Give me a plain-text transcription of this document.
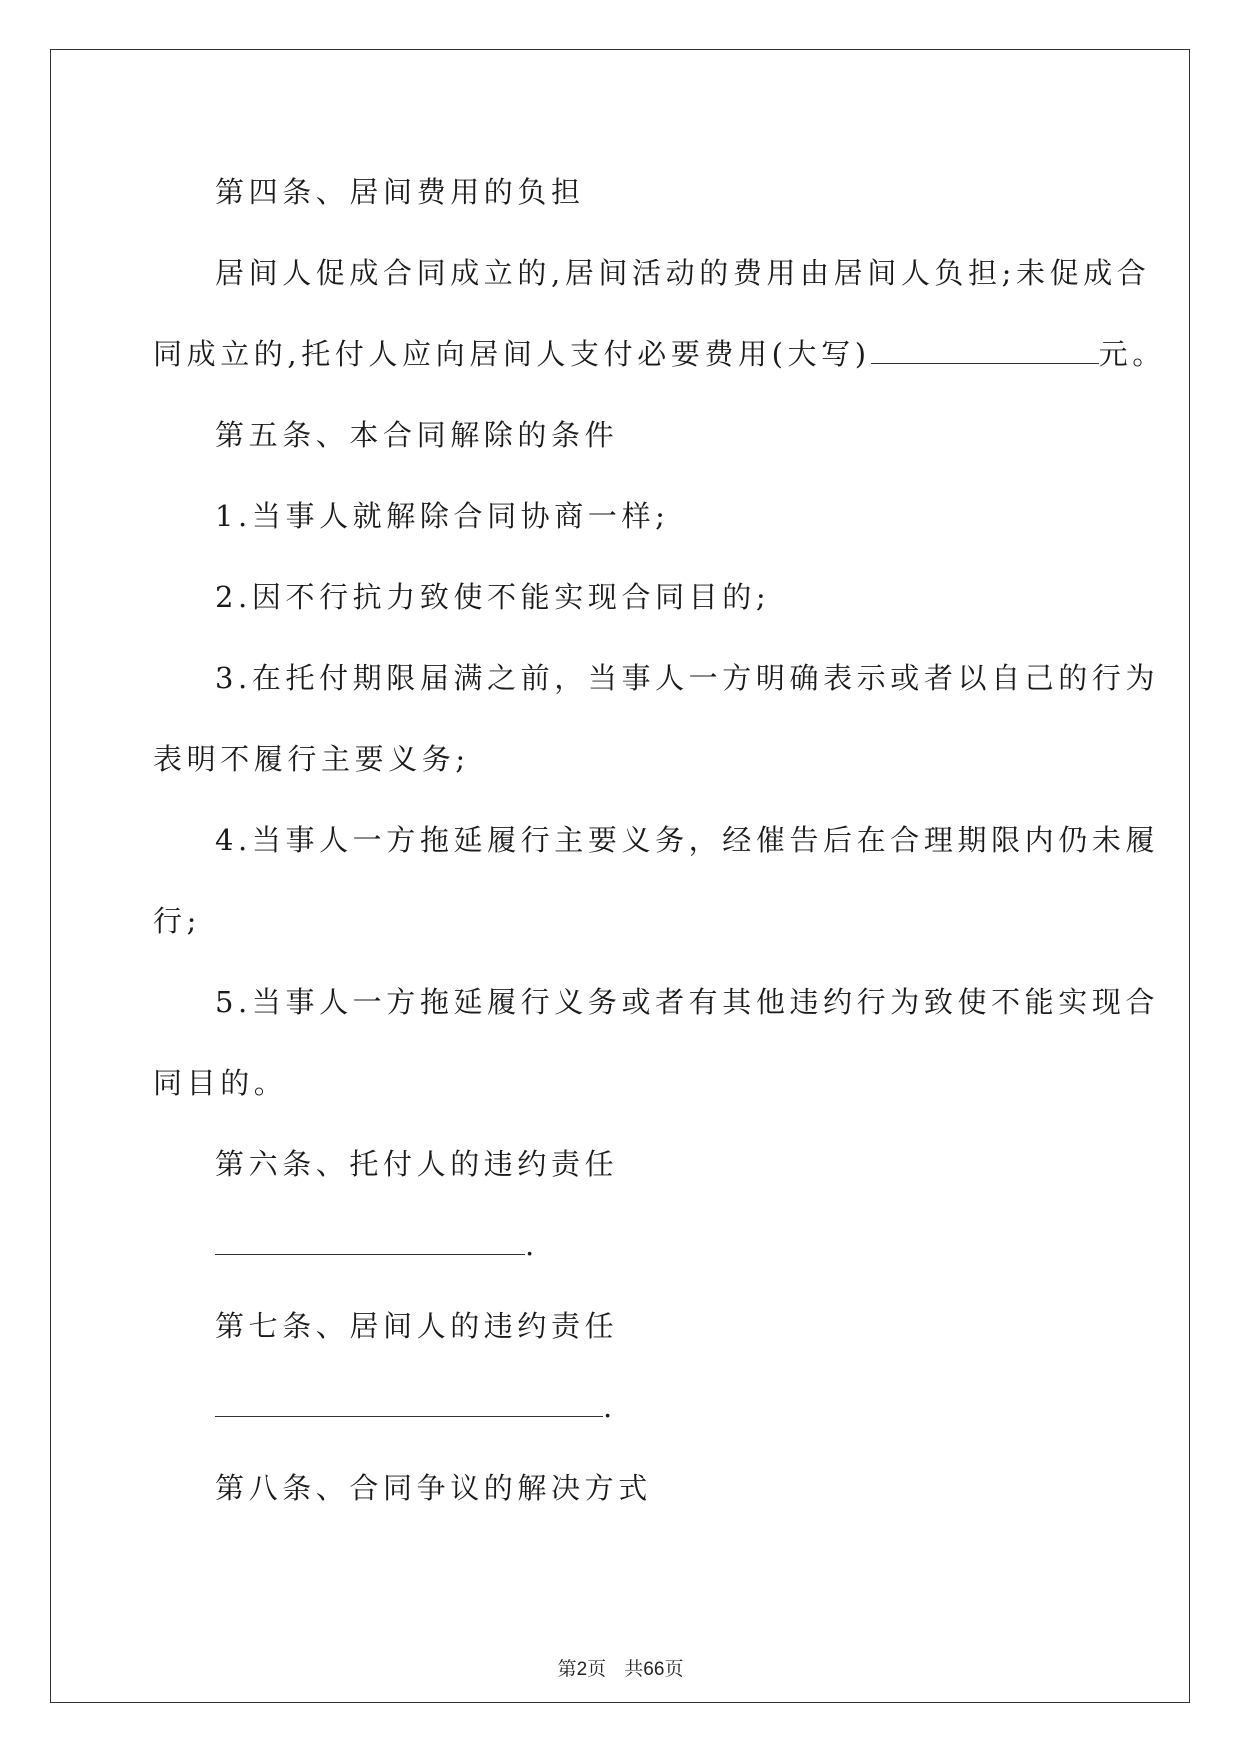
第四条、居间费用的负担
居间人促成合同成立的,居间活动的费用由居间人负担;未促成合
同成立的,托付人应向居间人支付必要费用(大写)	元。
第五条、本合同解除的条件
1.当事人就解除合同协商一样;
2.因不行抗力致使不能实现合同目的;
3.在托付期限届满之前，当事人一方明确表示或者以自己的行为
表明不履行主要义务;
4.当事人一方拖延履行主要义务，经催告后在合理期限内仍未履
行;
5.当事人一方拖延履行义务或者有其他违约行为致使不能实现合
同目的。
第六条、托付人的违约责任
.
第七条、居间人的违约责任
.
第八条、合同争议的解决方式
第2页 共66页
